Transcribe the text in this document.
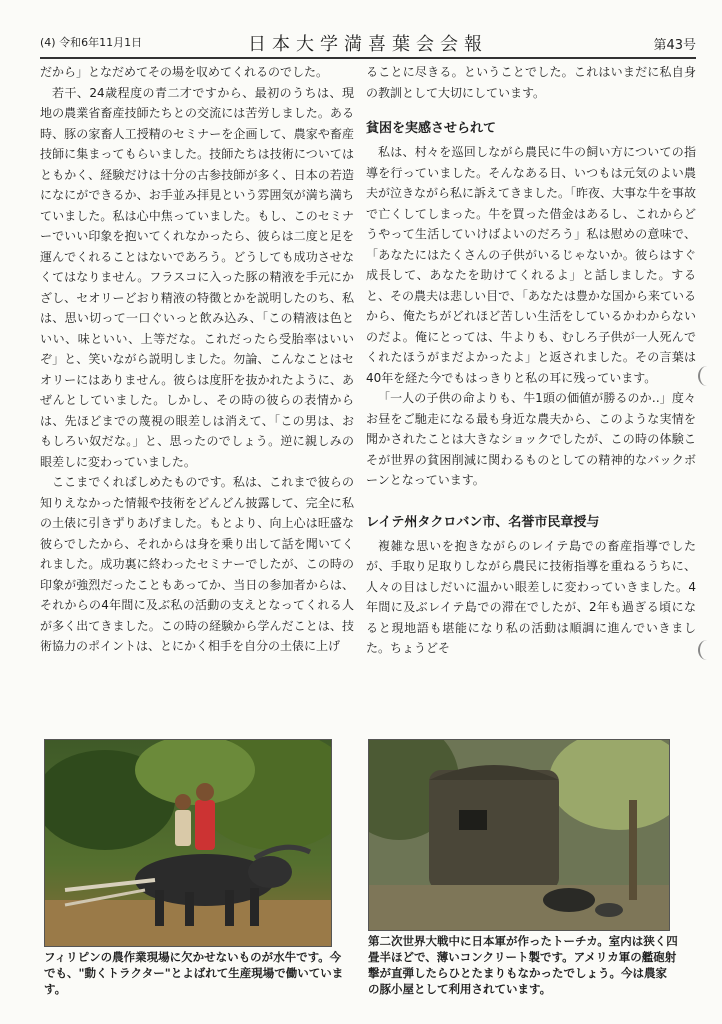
(4) 令和6年11月1日	日本大学満喜葉会会報	第43号

だから」となだめてその場を収めてくれるのでした。

若干、24歳程度の青二才ですから、最初のうちは、現地の農業省畜産技師たちとの交流には苦労しました。ある時、豚の家畜人工授精のセミナーを企画して、農家や畜産技師に集まってもらいました。技師たちは技術についてはともかく、経験だけは十分の古参技師が多く、日本の若造になにができるか、お手並み拝見という雰囲気が満ち満ちていました。私は心中焦っていました。もし、このセミナーでいい印象を抱いてくれなかったら、彼らは二度と足を運んでくれることはないであろう。どうしても成功させなくてはなりません。フラスコに入った豚の精液を手元にかざし、セオリーどおり精液の特徴とかを説明したのち、私は、思い切って一口ぐいっと飲み込み、「この精液は色といい、味といい、上等だな。これだったら受胎率はいいぞ」と、笑いながら説明しました。勿論、こんなことはセオリーにはありません。彼らは度肝を抜かれたように、あぜんとしていました。しかし、その時の彼らの表情からは、先ほどまでの蔑視の眼差しは消えて、「この男は、おもしろい奴だな。」と、思ったのでしょう。逆に親しみの眼差しに変わっていました。

ここまでくればしめたものです。私は、これまで彼らの知りえなかった情報や技術をどんどん披露して、完全に私の土俵に引きずりあげました。もとより、向上心は旺盛な彼らでしたから、それからは身を乗り出して話を聞いてくれました。成功裏に終わったセミナーでしたが、この時の印象が強烈だったこともあってか、当日の参加者からは、それからの4年間に及ぶ私の活動の支えとなってくれる人が多く出てきました。この時の経験から学んだことは、技術協力のポイントは、とにかく相手を自分の土俵に上げ

ることに尽きる。ということでした。これはいまだに私自身の教訓として大切にしています。

貧困を実感させられて

私は、村々を巡回しながら農民に牛の飼い方についての指導を行っていました。そんなある日、いつもは元気のよい農夫が泣きながら私に訴えてきました。「昨夜、大事な牛を事故で亡くしてしまった。牛を買った借金はあるし、これからどうやって生活していけばよいのだろう」私は慰めの意味で、「あなたにはたくさんの子供がいるじゃないか。彼らはすぐ成長して、あなたを助けてくれるよ」と話しました。すると、その農夫は悲しい目で、「あなたは豊かな国から来ているから、俺たちがどれほど苦しい生活をしているかわからないのだよ。俺にとっては、牛よりも、むしろ子供が一人死んでくれたほうがまだよかったよ」と返されました。その言葉は40年を経た今でもはっきりと私の耳に残っています。

「一人の子供の命よりも、牛1頭の価値が勝るのか‥」度々お昼をご馳走になる最も身近な農夫から、このような実情を聞かされたことは大きなショックでしたが、この時の体験こそが世界の貧困削減に関わるものとしての精神的なバックボーンとなっています。

レイテ州タクロバン市、名誉市民章授与

複雑な思いを抱きながらのレイテ島での畜産指導でしたが、手取り足取りしながら農民に技術指導を重ねるうちに、人々の目はしだいに温かい眼差しに変わっていきました。4年間に及ぶレイテ島での滞在でしたが、2年も過ぎる頃になると現地語も堪能になり私の活動は順調に進んでいきました。ちょうどそ

フィリピンの農作業現場に欠かせないものが水牛です。今でも、"動くトラクター"とよばれて生産現場で働いています。
第二次世界大戦中に日本軍が作ったトーチカ。室内は狭く四畳半ほどで、薄いコンクリート製です。アメリカ軍の艦砲射撃が直弾したらひとたまりもなかったでしょう。今は農家の豚小屋として利用されています。
